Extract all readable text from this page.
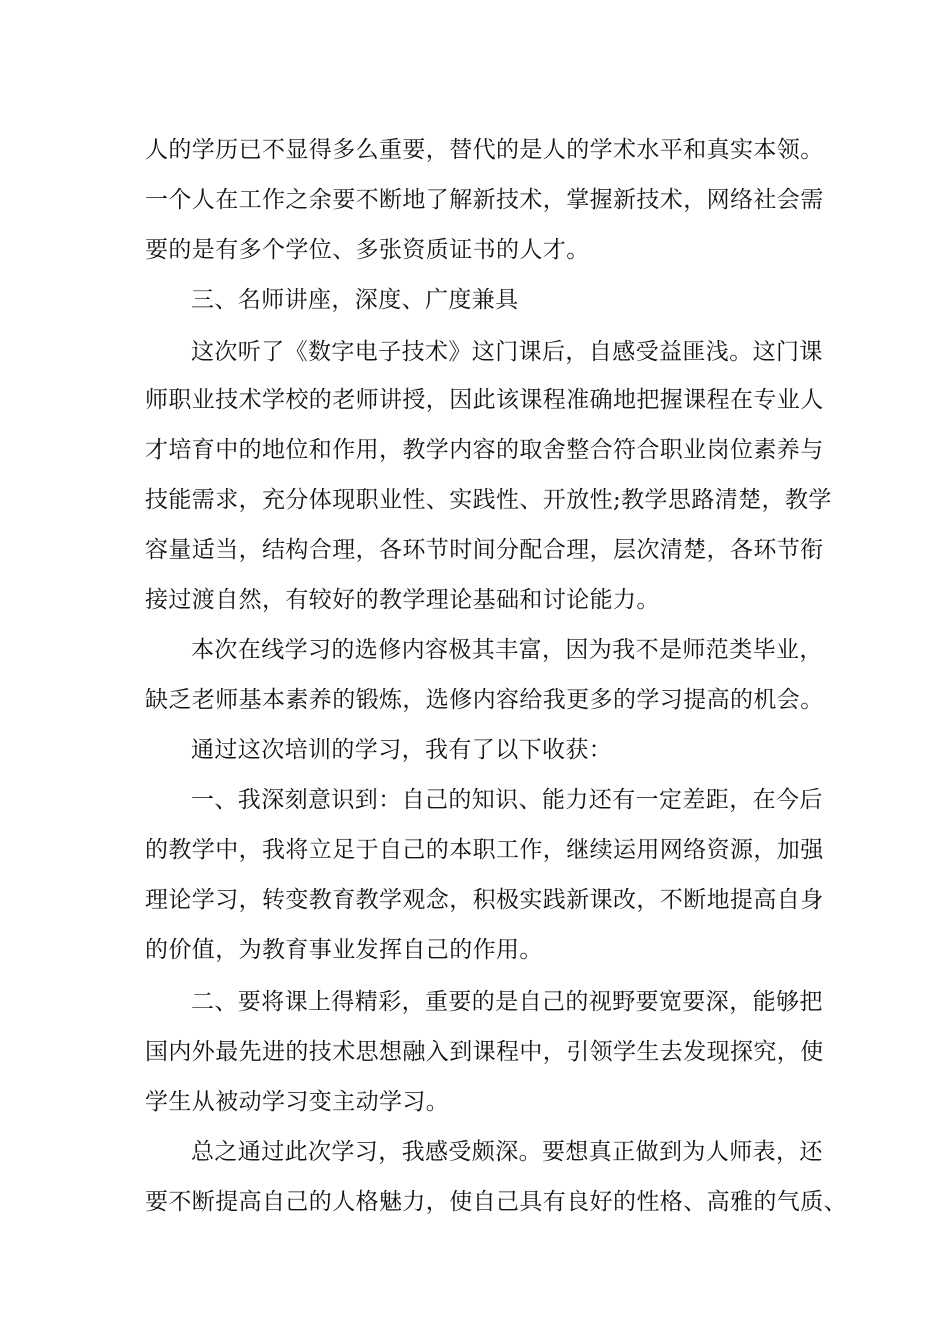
人的学历已不显得多么重要，替代的是人的学术水平和真实本领。
一个人在工作之余要不断地了解新技术，掌握新技术，网络社会需
要的是有多个学位、多张资质证书的人才。
三、名师讲座，深度、广度兼具
这次听了《数字电子技术》这门课后，自感受益匪浅。这门课
师职业技术学校的老师讲授，因此该课程准确地把握课程在专业人
才培育中的地位和作用，教学内容的取舍整合符合职业岗位素养与
技能需求，充分体现职业性、实践性、开放性;教学思路清楚，教学
容量适当，结构合理，各环节时间分配合理，层次清楚，各环节衔
接过渡自然，有较好的教学理论基础和讨论能力。
本次在线学习的选修内容极其丰富，因为我不是师范类毕业，
缺乏老师基本素养的锻炼，选修内容给我更多的学习提高的机会。
通过这次培训的学习，我有了以下收获：
一、我深刻意识到：自己的知识、能力还有一定差距，在今后
的教学中，我将立足于自己的本职工作，继续运用网络资源，加强
理论学习，转变教育教学观念，积极实践新课改，不断地提高自身
的价值，为教育事业发挥自己的作用。
二、要将课上得精彩，重要的是自己的视野要宽要深，能够把
国内外最先进的技术思想融入到课程中，引领学生去发现探究，使
学生从被动学习变主动学习。
总之通过此次学习，我感受颇深。要想真正做到为人师表，还
要不断提高自己的人格魅力，使自己具有良好的性格、高雅的气质、
